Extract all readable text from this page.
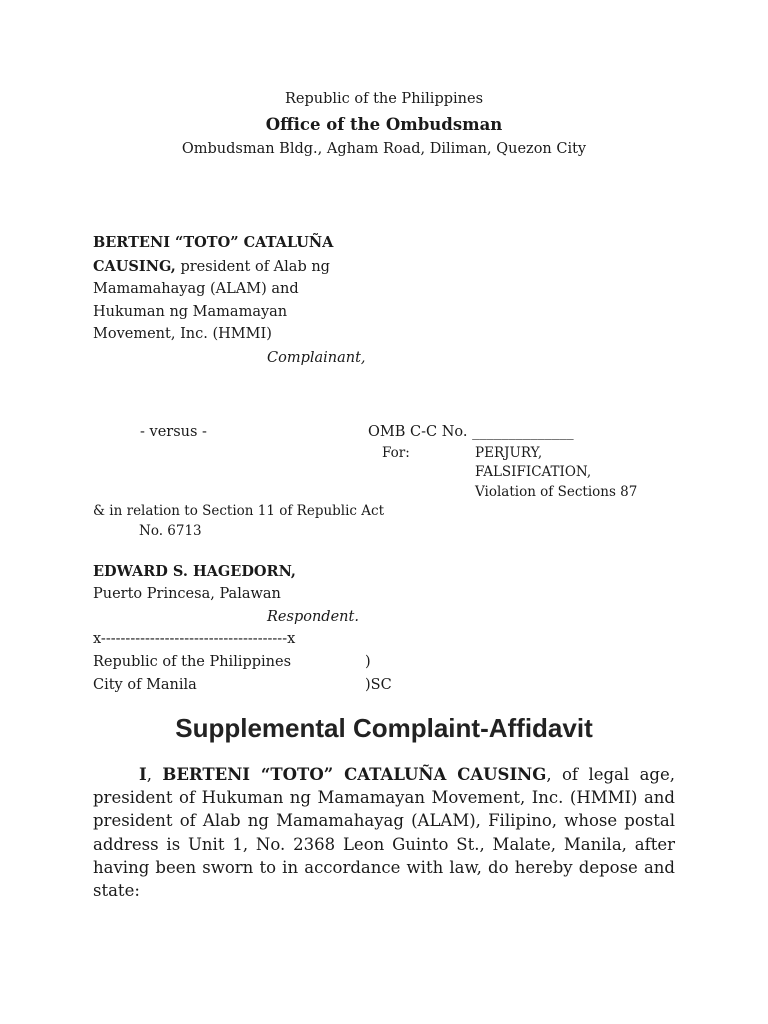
Republic of the Philippines
Office of the Ombudsman
Ombudsman Bldg., Agham Road, Diliman, Quezon City
BERTENI “TOTO” CATALUÑA
CAUSING, president of Alab ng
Mamamahayag (ALAM) and
Hukuman ng Mamamayan
Movement, Inc. (HMMI)
Complainant,
- versus -	OMB C-C No. ______________
For:	PERJURY,
FALSIFICATION,
Violation of Sections 87
& in relation to Section 11 of Republic Act
No. 6713
EDWARD S. HAGEDORN,
Puerto Princesa, Palawan
Respondent.
x--------------------------------------x
Republic of the Philippines	)
City of Manila	)SC
Supplemental Complaint-Affidavit
I, BERTENI “TOTO” CATALUÑA CAUSING, of legal age, president of Hukuman ng Mamamayan Movement, Inc. (HMMI) and president of Alab ng Mamamahayag (ALAM), Filipino, whose postal address is Unit 1, No. 2368 Leon Guinto St., Malate, Manila, after having been sworn to in accordance with law, do hereby depose and state:
